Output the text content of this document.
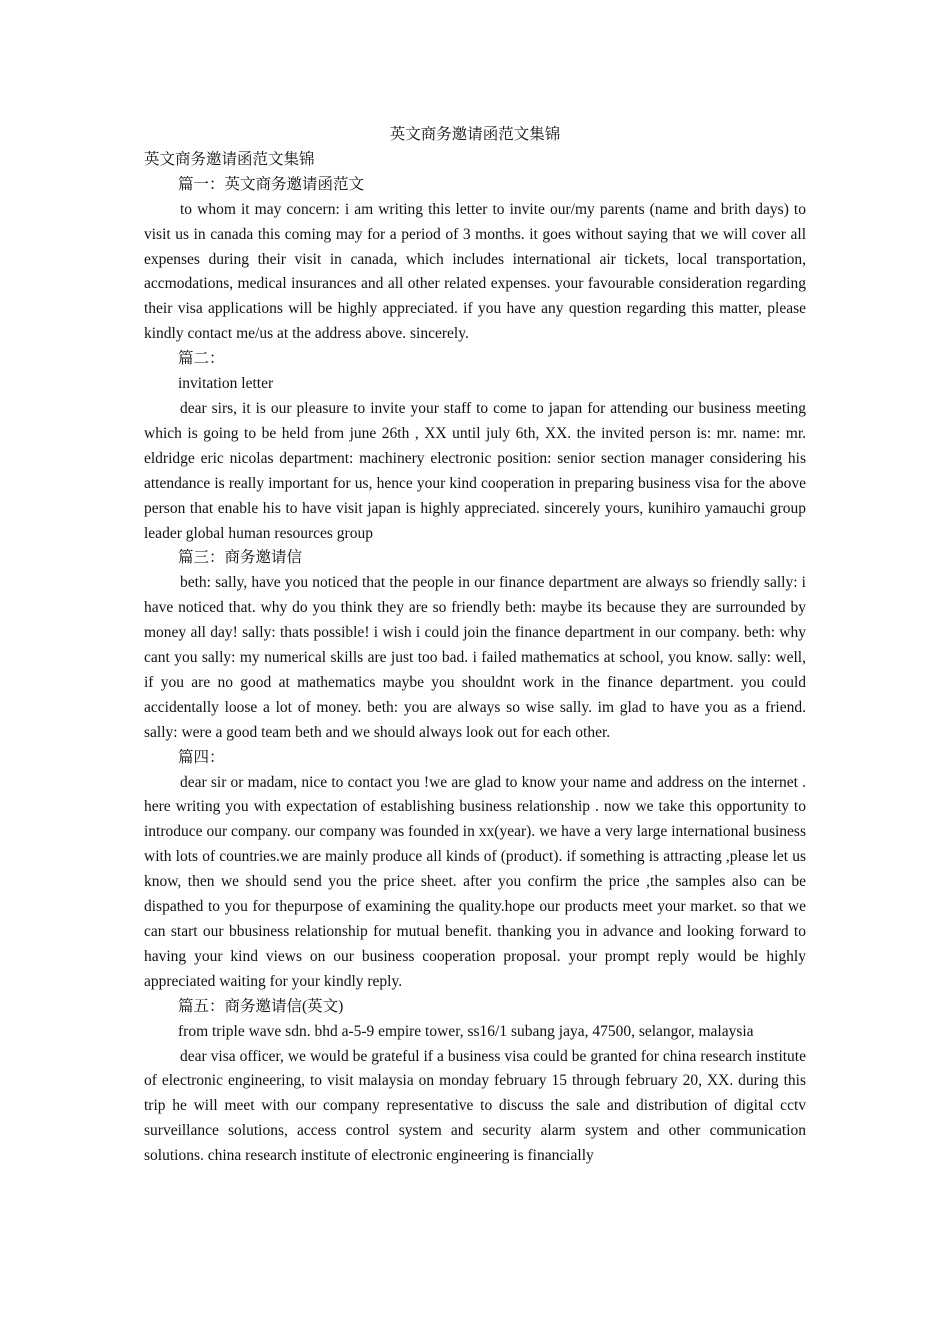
英文商务邀请函范文集锦

英文商务邀请函范文集锦

篇一：英文商务邀请函范文

to whom it may concern: i am writing this letter to invite our/my parents (name and brith days) to visit us in canada this coming may for a period of 3 months. it goes without saying that we will cover all expenses during their visit in canada, which includes international air tickets, local transportation, accmodations, medical insurances and all other related expenses. your favourable consideration regarding their visa applications will be highly appreciated. if you have any question regarding this matter, please kindly contact me/us at the address above. sincerely.

篇二：

invitation letter

dear sirs, it is our pleasure to invite your staff to come to japan for attending our business meeting which is going to be held from june 26th , XX until july 6th, XX. the invited person is: mr. name: mr. eldridge eric nicolas department: machinery electronic position: senior section manager considering his attendance is really important for us, hence your kind cooperation in preparing business visa for the above person that enable his to have visit japan is highly appreciated. sincerely yours, kunihiro yamauchi group leader global human resources group

篇三：商务邀请信

beth: sally, have you noticed that the people in our finance department are always so friendly sally: i have noticed that. why do you think they are so friendly beth: maybe its because they are surrounded by money all day! sally: thats possible! i wish i could join the finance department in our company. beth: why cant you sally: my numerical skills are just too bad. i failed mathematics at school, you know. sally: well, if you are no good at mathematics maybe you shouldnt work in the finance department. you could accidentally loose a lot of money. beth: you are always so wise sally. im glad to have you as a friend. sally: were a good team beth and we should always look out for each other.

篇四：

dear sir or madam, nice to contact you !we are glad to know your name and address on the internet . here writing you with expectation of establishing business relationship . now we take this opportunity to introduce our company. our company was founded in xx(year). we have a very large international business with lots of countries.we are mainly produce all kinds of (product). if something is attracting ,please let us know, then we should send you the price sheet. after you confirm the price ,the samples also can be dispathed to you for thepurpose of examining the quality.hope our products meet your market. so that we can start our bbusiness relationship for mutual benefit. thanking you in advance and looking forward to having your kind views on our business cooperation proposal. your prompt reply would be highly appreciated waiting for your kindly reply.

篇五：商务邀请信(英文)

from triple wave sdn. bhd a-5-9 empire tower, ss16/1 subang jaya, 47500, selangor, malaysia

dear visa officer, we would be grateful if a business visa could be granted for china research institute of electronic engineering, to visit malaysia on monday february 15 through february 20, XX. during this trip he will meet with our company representative to discuss the sale and distribution of digital cctv surveillance solutions, access control system and security alarm system and other communication solutions. china research institute of electronic engineering is financially
